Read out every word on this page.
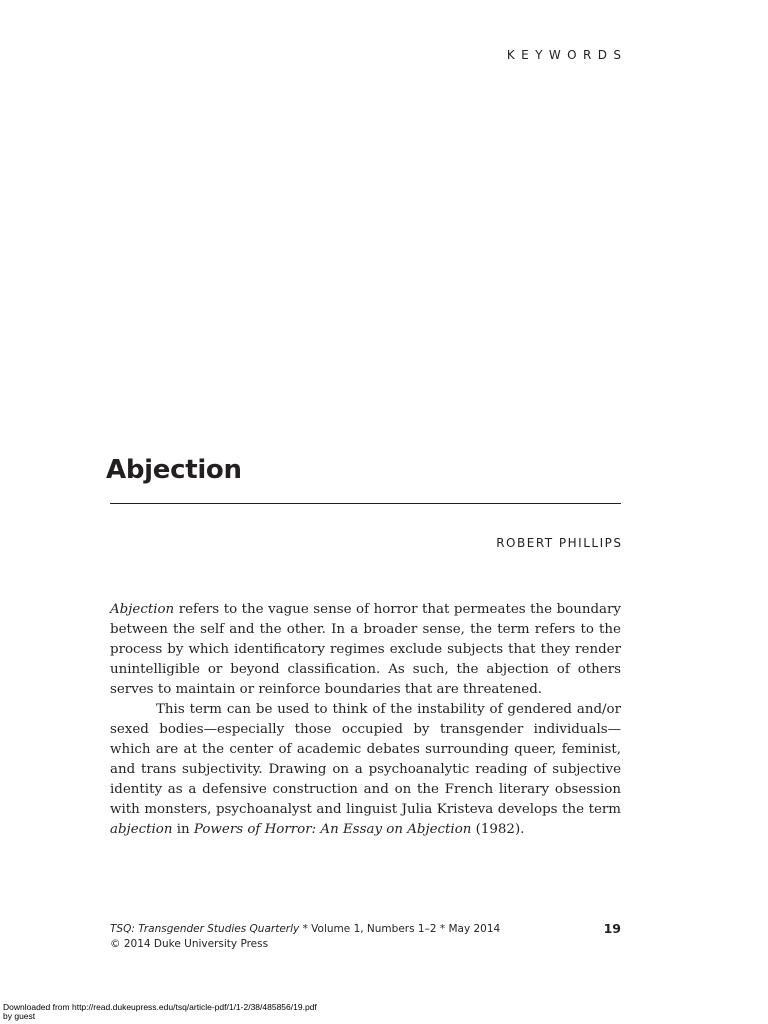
KEYWORDS
Abjection
ROBERT PHILLIPS

Abjection refers to the vague sense of horror that permeates the boundary between the self and the other. In a broader sense, the term refers to the process by which identificatory regimes exclude subjects that they render unintelligible or beyond classification. As such, the abjection of others serves to maintain or reinforce boundaries that are threatened.

This term can be used to think of the instability of gendered and/or sexed bodies—especially those occupied by transgender individuals—which are at the center of academic debates surrounding queer, feminist, and trans subjectivity. Drawing on a psychoanalytic reading of subjective identity as a defensive construction and on the French literary obsession with monsters, psychoanalyst and linguist Julia Kristeva develops the term abjection in Powers of Horror: An Essay on Abjection (1982).

TSQ: Transgender Studies Quarterly * Volume 1, Numbers 1–2 * May 2014
© 2014 Duke University Press
19
Downloaded from http://read.dukeupress.edu/tsq/article-pdf/1/1-2/38/485856/19.pdf
by guest
